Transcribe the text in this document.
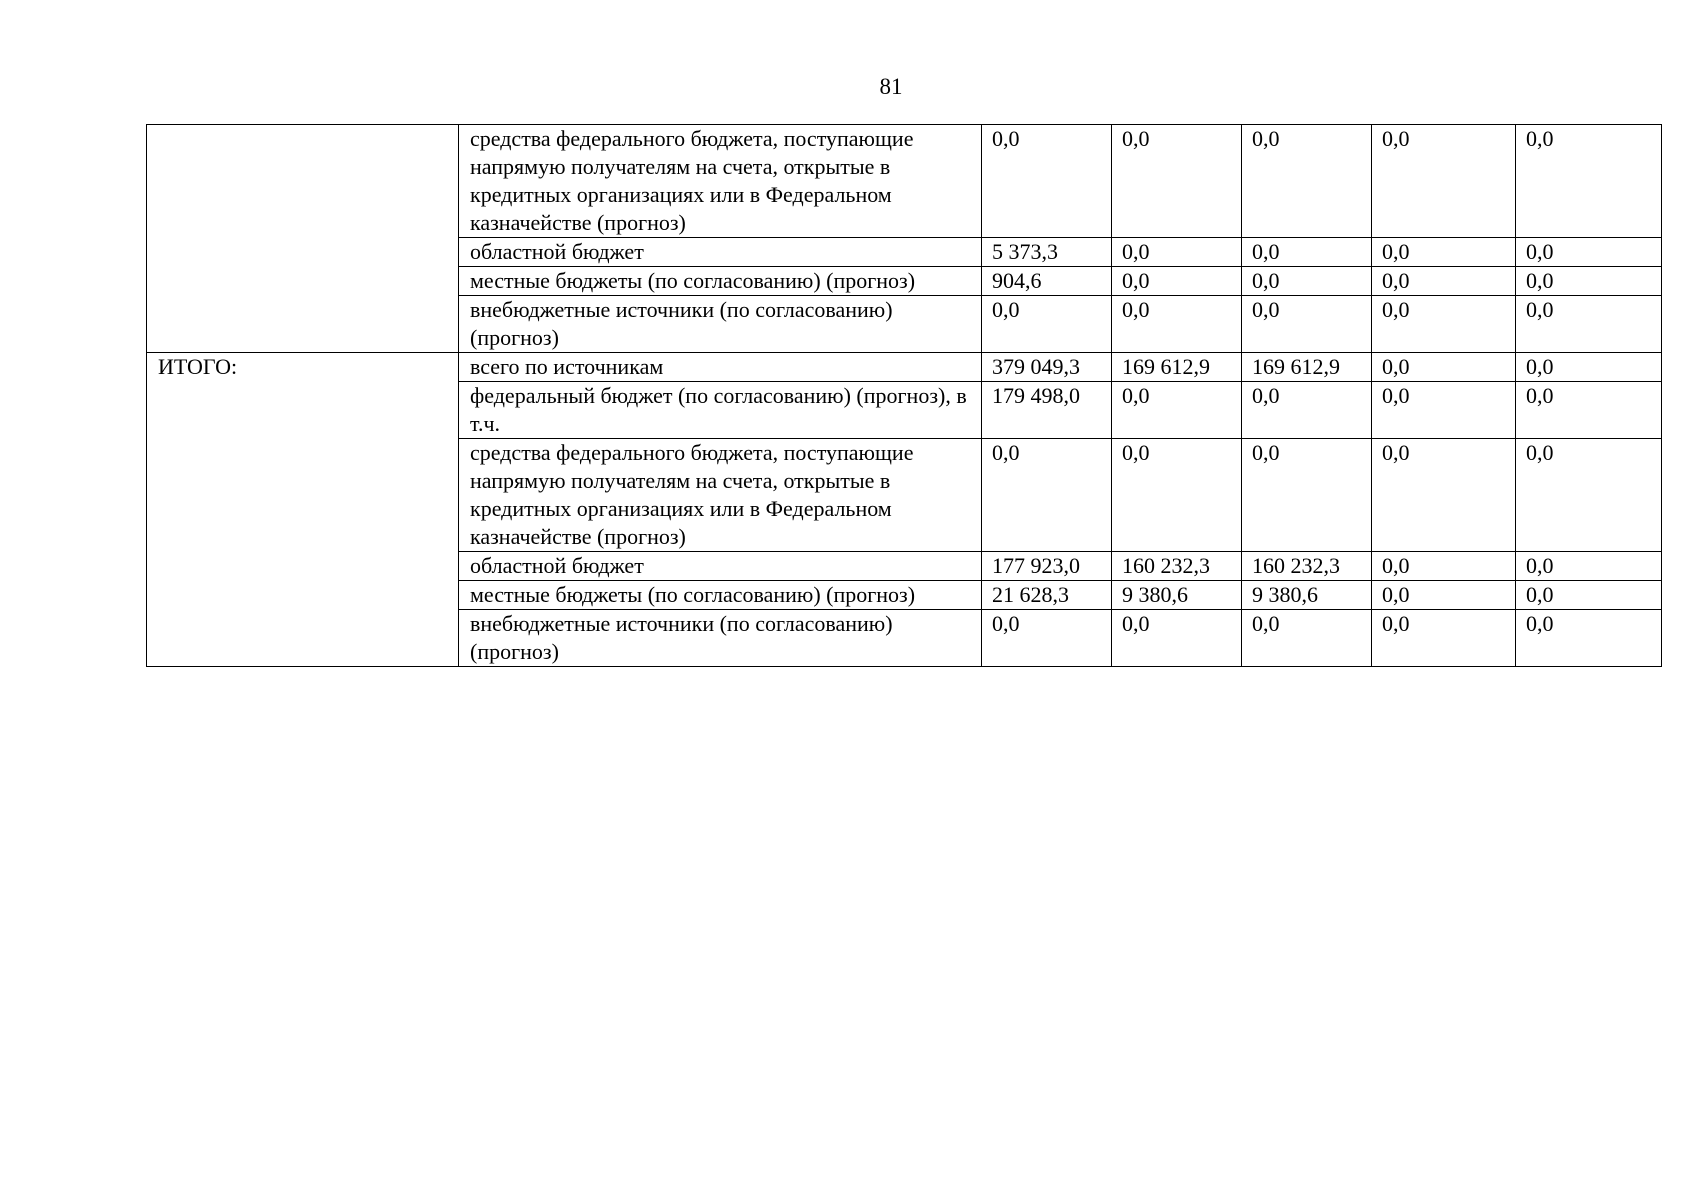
81
	средства федерального бюджета, поступающие напрямую получателям на счета, открытые в кредитных организациях или в Федеральном казначействе (прогноз)	0,0	0,0	0,0	0,0	0,0
	областной бюджет	5 373,3	0,0	0,0	0,0	0,0
	местные бюджеты (по согласованию) (прогноз)	904,6	0,0	0,0	0,0	0,0
	внебюджетные источники (по согласованию) (прогноз)	0,0	0,0	0,0	0,0	0,0
ИТОГО:	всего по источникам	379 049,3	169 612,9	169 612,9	0,0	0,0
	федеральный бюджет (по согласованию) (прогноз), в т.ч.	179 498,0	0,0	0,0	0,0	0,0
	средства федерального бюджета, поступающие напрямую получателям на счета, открытые в кредитных организациях или в Федеральном казначействе (прогноз)	0,0	0,0	0,0	0,0	0,0
	областной бюджет	177 923,0	160 232,3	160 232,3	0,0	0,0
	местные бюджеты (по согласованию) (прогноз)	21 628,3	9 380,6	9 380,6	0,0	0,0
	внебюджетные источники (по согласованию) (прогноз)	0,0	0,0	0,0	0,0	0,0
